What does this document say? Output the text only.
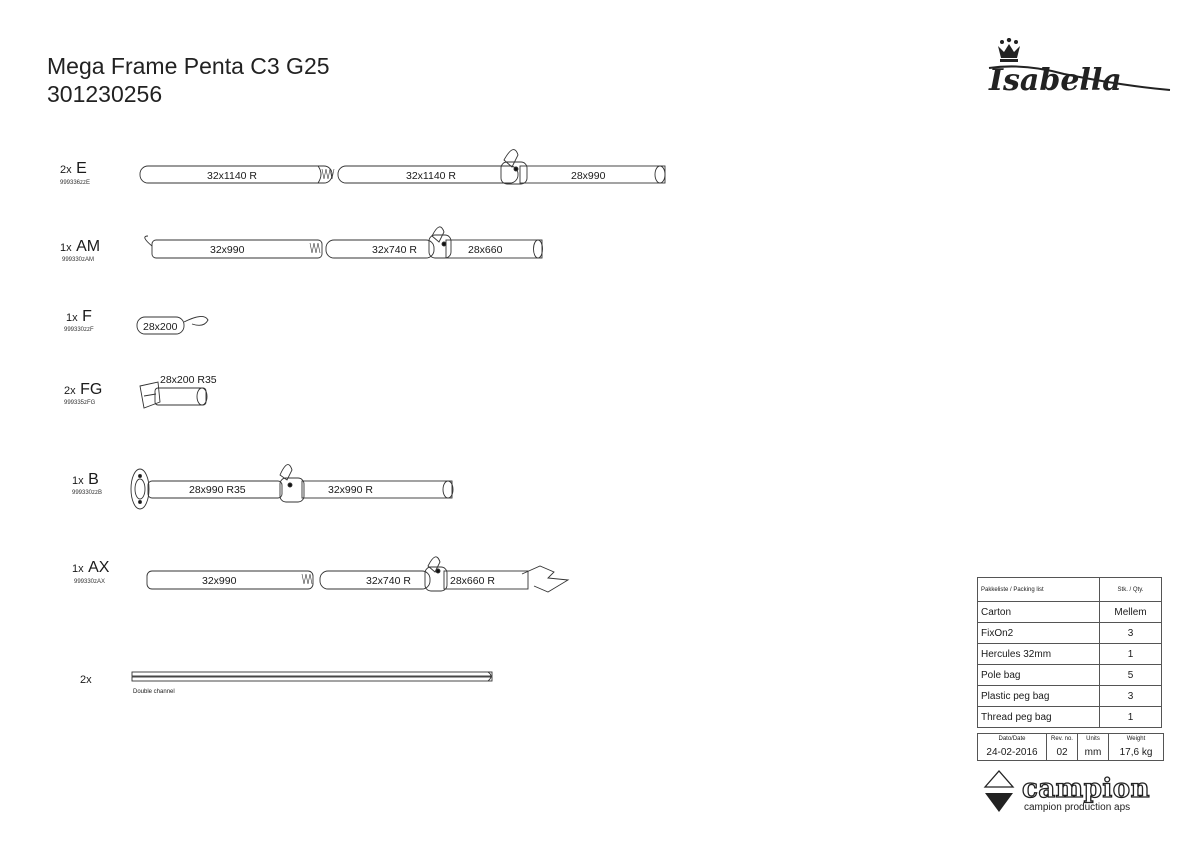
Mega Frame Penta C3 G25
301230256	Isabella
2x E
999336zzE
1x AM
999330zAM
1x F
999330zzF
2x FG
999335zFG
1x B
999330zzB
1x AX
999330zAX
2x
32x1140 R	32x1140 R	28x990
32x990	32x740 R	28x660
28x200
28x200 R35
28x990 R35	32x990 R
32x990	32x740 R	28x660 R
Double channel
Pakkeliste / Packing list	Stk. / Qty.
Carton	Mellem
FixOn2	3
Hercules 32mm	1
Pole bag	5
Plastic peg bag	3
Thread peg bag	1
Dato/Date	Rev. no.	Units	Weight
24-02-2016	02	mm	17,6 kg
campion
campion production aps
